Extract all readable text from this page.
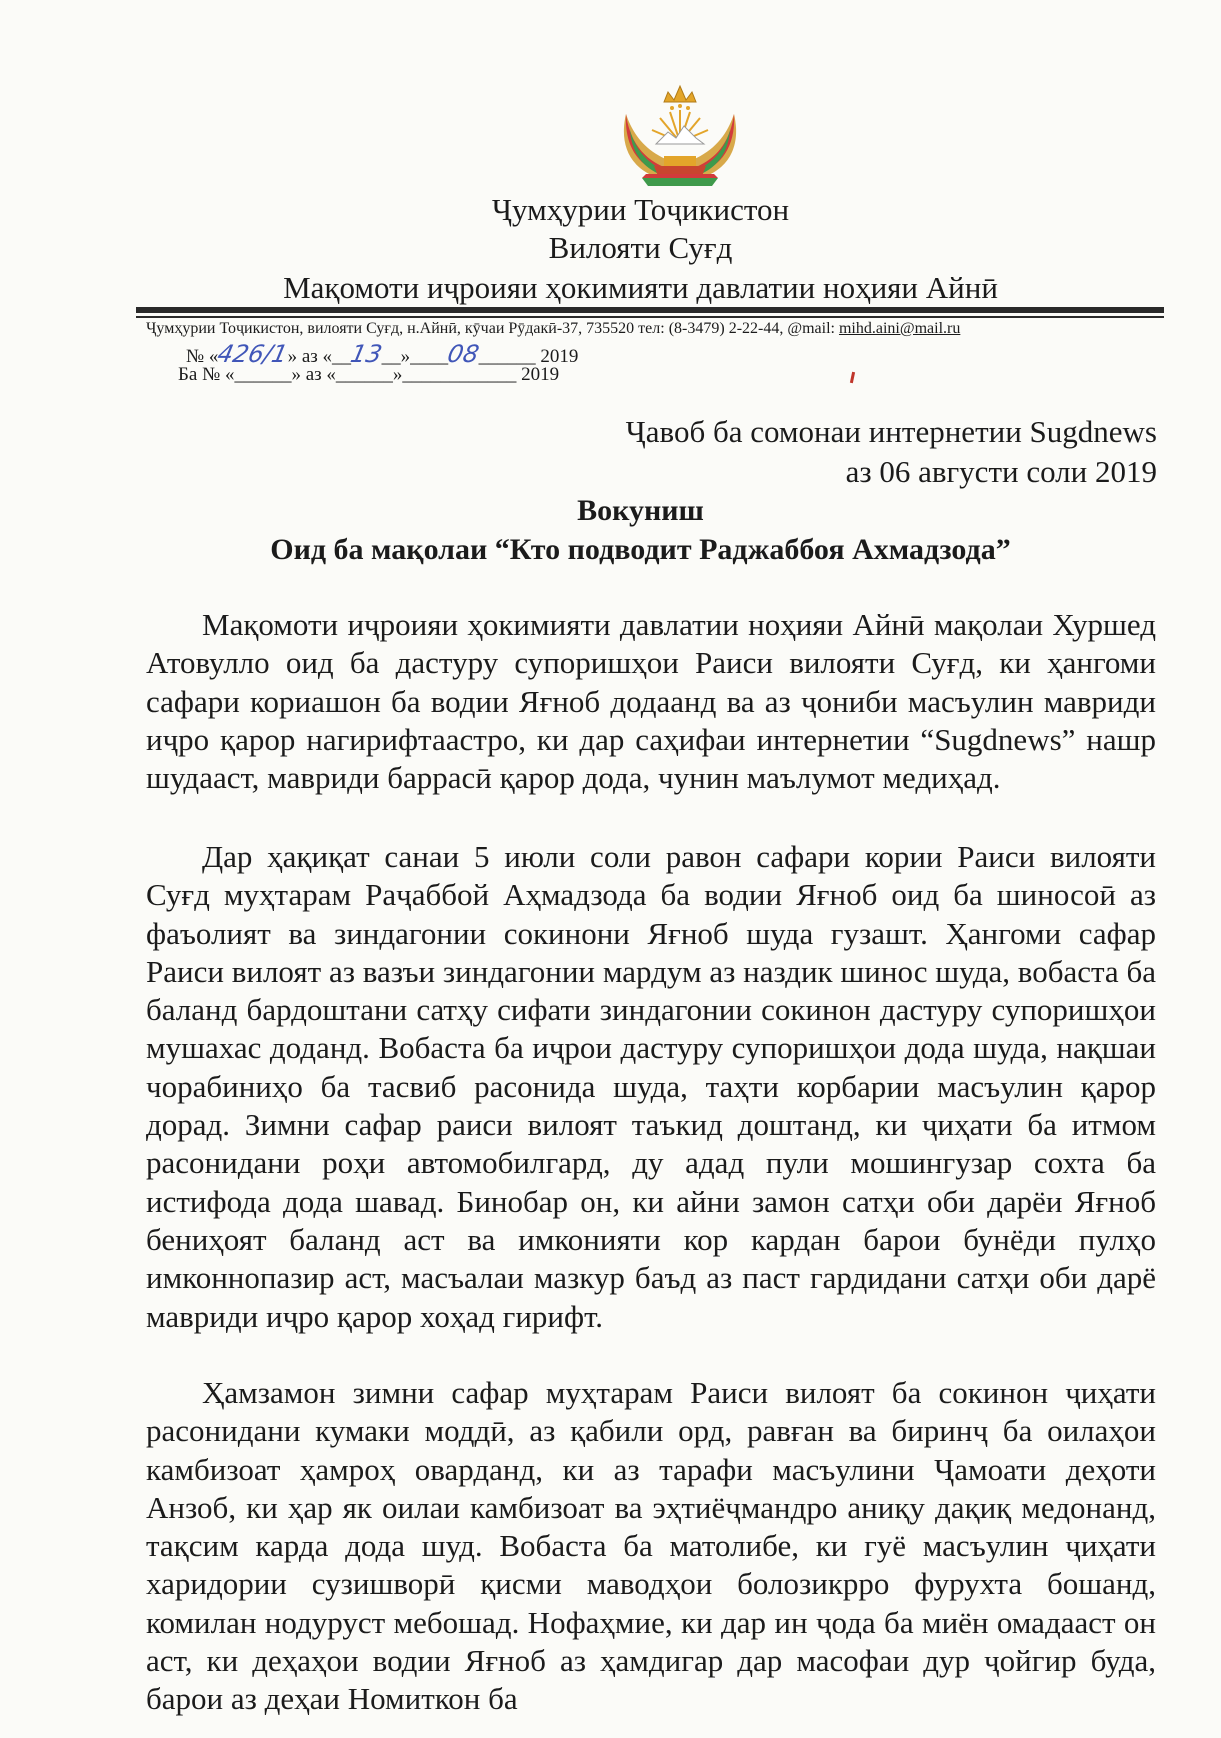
Ҷумҳурии Тоҷикистон
Вилояти Суғд
Мақомоти иҷроияи ҳокимияти давлатии ноҳияи Айнӣ
Ҷумҳурии Тоҷикистон, вилояти Суғд, н.Айнӣ, кӯчаи Рӯдакӣ-37, 735520 тел: (8-3479) 2-22-44, @mail: mihd.aini@mail.ru
№ «426/1» аз «__13__»____08______ 2019
Ба № «______» аз «______»____________ 2019
Ҷавоб ба сомонаи интернетии Sugdnews
аз 06 августи соли 2019
Вокуниш
Оид ба мақолаи “Кто подводит Раджаббоя Ахмадзода”

Мақомоти иҷроияи ҳокимияти давлатии ноҳияи Айнӣ мақолаи Хуршед Атовулло оид ба дастуру супоришҳои Раиси вилояти Суғд, ки ҳангоми сафари кориашон ба водии Яғноб додаанд ва аз ҷониби масъулин мавриди иҷро қарор нагирифтаастро, ки дар саҳифаи интернетии “Sugdnews” нашр шудааст, мавриди баррасӣ қарор дода, чунин маълумот медиҳад.

Дар ҳақиқат санаи 5 июли соли равон сафари кории Раиси вилояти Суғд муҳтарам Раҷаббой Аҳмадзода ба водии Яғноб оид ба шиносоӣ аз фаъолият ва зиндагонии сокинони Яғноб шуда гузашт. Ҳангоми сафар Раиси вилоят аз вазъи зиндагонии мардум аз наздик шинос шуда, вобаста ба баланд бардоштани сатҳу сифати зиндагонии сокинон дастуру супоришҳои мушахас доданд. Вобаста ба иҷрои дастуру супоришҳои дода шуда, нақшаи чорабиниҳо ба тасвиб расонида шуда, таҳти корбарии масъулин қарор дорад. Зимни сафар раиси вилоят таъкид доштанд, ки ҷиҳати ба итмом расонидани роҳи автомобилгард, ду адад пули мошингузар сохта ба истифода дода шавад. Бинобар он, ки айни замон сатҳи оби дарёи Яғноб бениҳоят баланд аст ва имконияти кор кардан барои бунёди пулҳо имконнопазир аст, масъалаи мазкур баъд аз паст гардидани сатҳи оби дарё мавриди иҷро қарор хоҳад гирифт.

Ҳамзамон зимни сафар муҳтарам Раиси вилоят ба сокинон ҷиҳати расонидани кумаки моддӣ, аз қабили орд, равған ва биринҷ ба оилаҳои камбизоат ҳамроҳ оварданд, ки аз тарафи масъулини Ҷамоати деҳоти Анзоб, ки ҳар як оилаи камбизоат ва эҳтиёҷмандро аниқу дақиқ медонанд, тақсим карда дода шуд. Вобаста ба матолибе, ки гуё масъулин ҷиҳати харидории сузишворӣ қисми маводҳои болозикрро фурухта бошанд, комилан нодуруст мебошад. Нофаҳмие, ки дар ин ҷода ба миён омадааст он аст, ки деҳаҳои водии Яғноб аз ҳамдигар дар масофаи дур ҷойгир буда, барои аз деҳаи Номиткон ба
